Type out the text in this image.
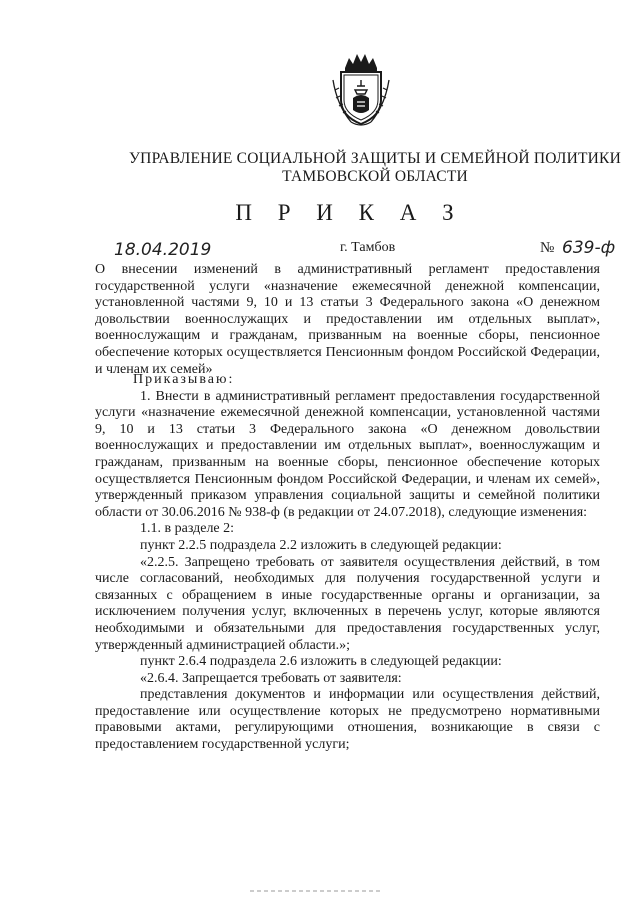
УПРАВЛЕНИЕ СОЦИАЛЬНОЙ ЗАЩИТЫ И СЕМЕЙНОЙ ПОЛИТИКИ
ТАМБОВСКОЙ ОБЛАСТИ
П Р И К А З
18.04.2019	г. Тамбов	№ 639-ф

О внесении изменений в административный регламент предоставления государственной услуги «назначение ежемесячной денежной компенсации, установленной частями 9, 10 и 13 статьи 3 Федерального закона «О денежном довольствии военнослужащих и предоставлении им отдельных выплат», военнослужащим и гражданам, призванным на военные сборы, пенсионное обеспечение которых осуществляется Пенсионным фондом Российской Федерации, и членам их семей»

Приказываю:

1. Внести в административный регламент предоставления государственной услуги «назначение ежемесячной денежной компенсации, установленной частями 9, 10 и 13 статьи 3 Федерального закона «О денежном довольствии военнослужащих и предоставлении им отдельных выплат», военнослужащим и гражданам, призванным на военные сборы, пенсионное обеспечение которых осуществляется Пенсионным фондом Российской Федерации, и членам их семей», утвержденный приказом управления социальной защиты и семейной политики области от 30.06.2016 № 938-ф (в редакции от 24.07.2018), следующие изменения:

1.1. в разделе 2:

пункт 2.2.5 подраздела 2.2 изложить в следующей редакции:

«2.2.5. Запрещено требовать от заявителя осуществления действий, в том числе согласований, необходимых для получения государственной услуги и связанных с обращением в иные государственные органы и организации, за исключением получения услуг, включенных в перечень услуг, которые являются необходимыми и обязательными для предоставления государственных услуг, утвержденный администрацией области.»;

пункт 2.6.4 подраздела 2.6 изложить в следующей редакции:

«2.6.4. Запрещается требовать от заявителя:

представления документов и информации или осуществления действий, предоставление или осуществление которых не предусмотрено нормативными правовыми актами, регулирующими отношения, возникающие в связи с предоставлением государственной услуги;
